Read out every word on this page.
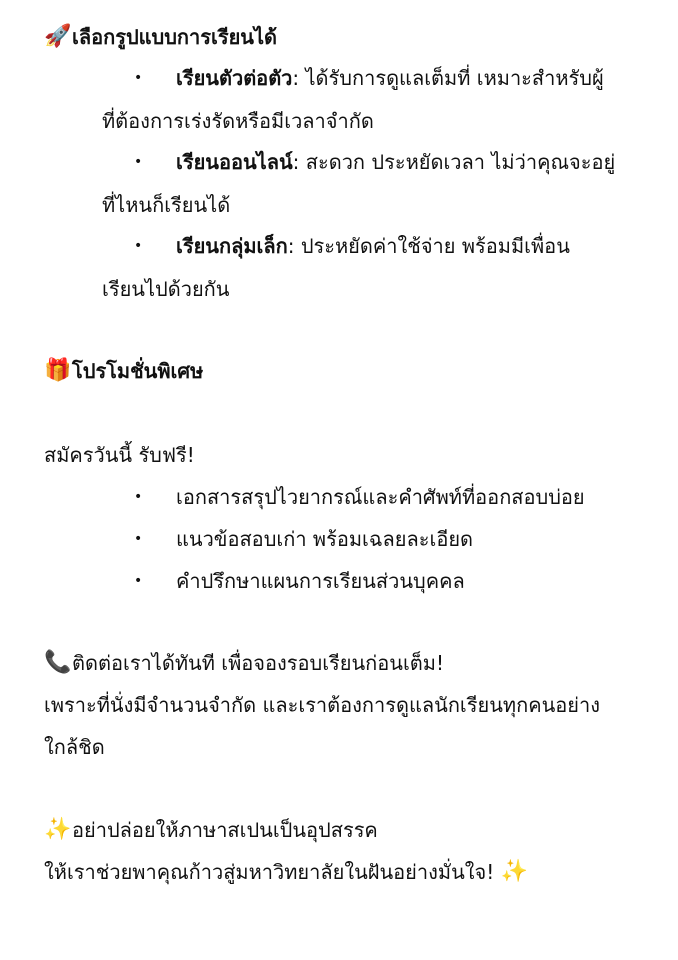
🚀เลือกรูปแบบการเรียนได้
• เรียนตัวต่อตัว: ได้รับการดูแลเต็มที่ เหมาะสำหรับผู้
ที่ต้องการเร่งรัดหรือมีเวลาจำกัด
• เรียนออนไลน์: สะดวก ประหยัดเวลา ไม่ว่าคุณจะอยู่
ที่ไหนก็เรียนได้
• เรียนกลุ่มเล็ก: ประหยัดค่าใช้จ่าย พร้อมมีเพื่อน
เรียนไปด้วยกัน
🎁โปรโมชั่นพิเศษ
สมัครวันนี้ รับฟรี!
• เอกสารสรุปไวยากรณ์และคำศัพท์ที่ออกสอบบ่อย
• แนวข้อสอบเก่า พร้อมเฉลยละเอียด
• คำปรึกษาแผนการเรียนส่วนบุคคล
📞ติดต่อเราได้ทันที เพื่อจองรอบเรียนก่อนเต็ม!
เพราะที่นั่งมีจำนวนจำกัด และเราต้องการดูแลนักเรียนทุกคนอย่าง
ใกล้ชิด
✨อย่าปล่อยให้ภาษาสเปนเป็นอุปสรรค
ให้เราช่วยพาคุณก้าวสู่มหาวิทยาลัยในฝันอย่างมั่นใจ! ✨
